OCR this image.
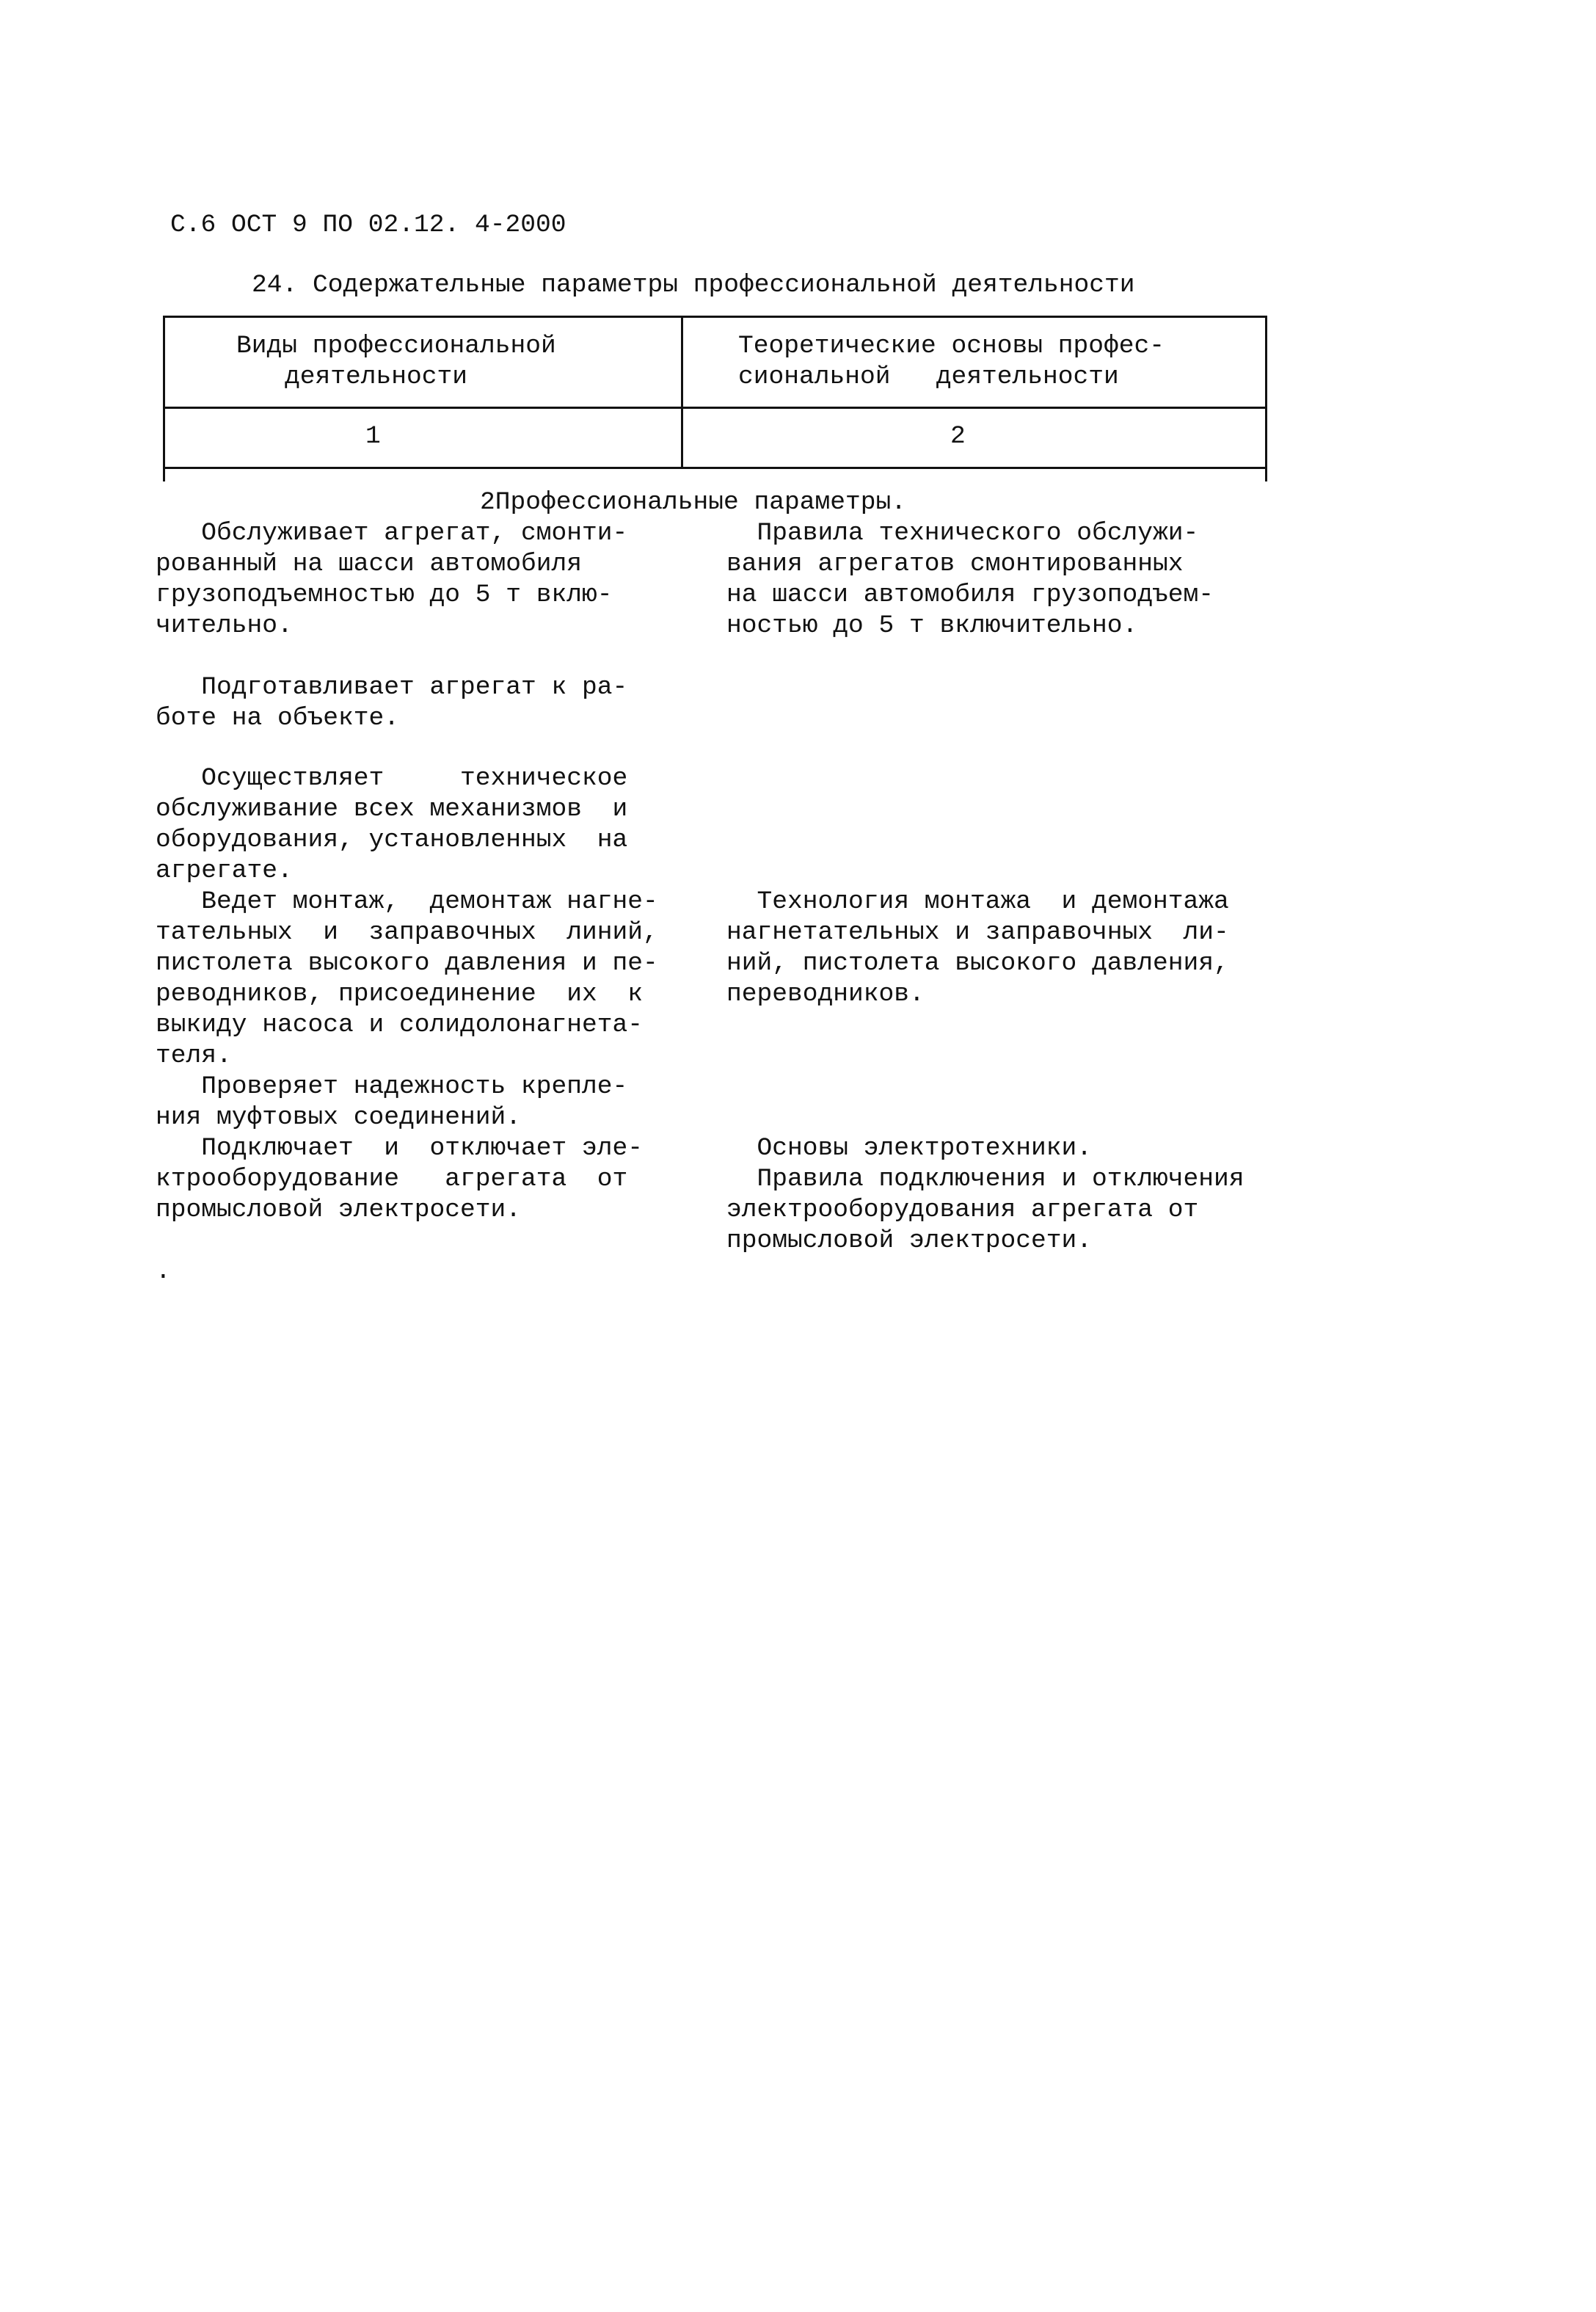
С.6 ОСТ 9 ПО 02.12. 4-2000
24. Содержательные параметры профессиональной деятельности
Виды профессиональной
деятельности
Теоретические основы профес-
сиональной   деятельности
1	2
2Профессиональные параметры.
Обслуживает агрегат, смонти-
рованный на шасси автомобиля
грузоподъемностью до 5 т вклю-
чительно.
Подготавливает агрегат к ра-
боте на объекте.
Осуществляет     техническое
обслуживание всех механизмов  и
оборудования, установленных  на
агрегате.
Ведет монтаж,  демонтаж нагне-
тательных  и  заправочных  линий,
пистолета высокого давления и пе-
реводников, присоединение  их  к
выкиду насоса и солидолонагнета-
теля.
Проверяет надежность крепле-
ния муфтовых соединений.
Подключает  и  отключает эле-
ктрооборудование   агрегата  от
промысловой электросети.
.
Правила технического обслужи-
вания агрегатов смонтированных
на шасси автомобиля грузоподъем-
ностью до 5 т включительно.
Технология монтажа  и демонтажа
нагнетательных и заправочных  ли-
ний, пистолета высокого давления,
переводников.
Основы электротехники.
Правила подключения и отключения
электрооборудования агрегата от
промысловой электросети.
